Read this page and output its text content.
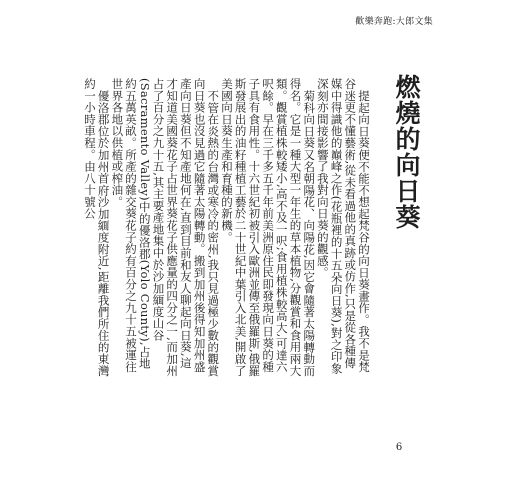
歡樂奔跑:大郎文集
燃燒的向日葵

提起向日葵便不能不想起梵谷的向日葵畫作。我不是梵谷迷更不懂藝術,從未看過他的真跡或仿作,只是從各種傳媒中得識他的巔峰之作(花瓶裡的十五朵向日葵),對之印象深刻亦間接影響了我對向日葵的觀感。

菊科向日葵又名朝陽花、向陽花,因它會隨著太陽轉動而得名。它是一種大型一年生的草本植物,分觀賞和食用兩大類。觀賞植株較矮小,高不及一呎;食用植株較高大,可達六呎餘。早在三千多五千年前美洲原住民即發現向日葵的種子具有食用性。十六世紀初被引入歐洲並傳至俄羅斯,俄羅斯發展出的油籽種植工藝於二十世紀中葉引入北美,開啟了美國向日葵生產和育種的新機。

不管在炎熱的台灣或寒冷的密州,我只見過極少數的觀賞向日葵也沒見過它隨著太陽轉動。搬到加州後得知加州盛產向日葵但不知產地何在,直到目前和友人聊起向日葵,這才知道美國葵花子占世界葵花子供應量的四分之一,而加州占了百分之九十五,其主要產地集中於沙加緬度山谷(Sacramento Valley)中的優洛郡(Yolo County),占地約五萬英畝。所產的雜交葵花子約有百分之九十五被運往世界各地以供植或榨油。

優洛郡位於加州首府沙加緬度附近,距離我們所住的東灣約一小時車程。由八十號公

6
